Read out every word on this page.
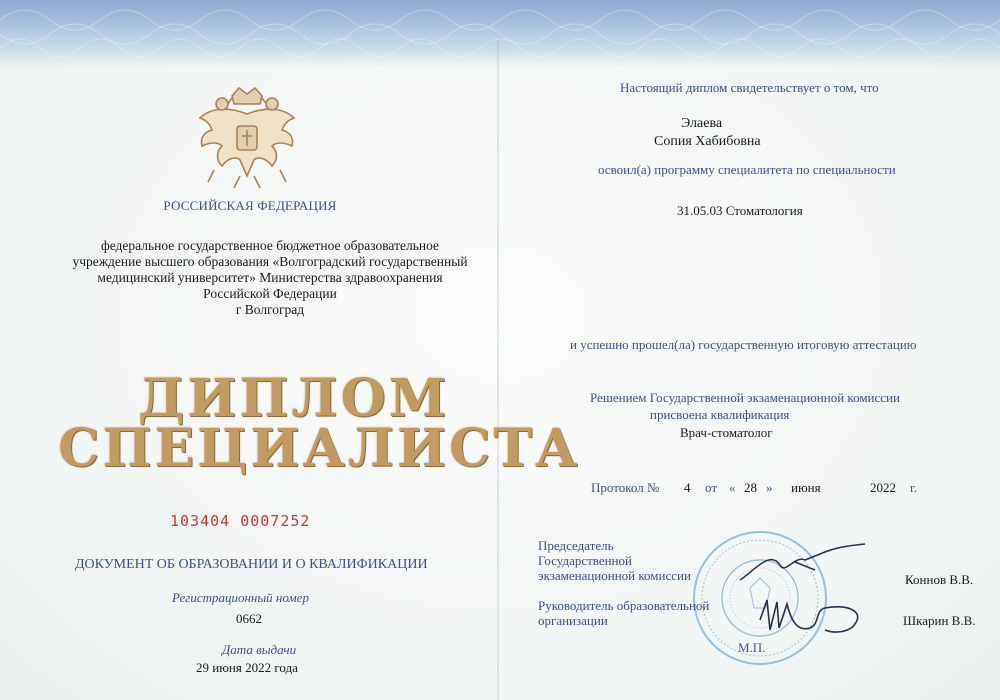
РОССИЙСКАЯ ФЕДЕРАЦИЯ
федеральное государственное бюджетное образовательное
учреждение высшего образования «Волгоградский государственный
медицинский университет» Министерства здравоохранения
Российской Федерации
г Волгоград
ДИПЛОМ
СПЕЦИАЛИСТА
103404 0007252
ДОКУМЕНТ ОБ ОБРАЗОВАНИИ И О КВАЛИФИКАЦИИ
Регистрационный номер
0662
Дата выдачи
29 июня 2022 года
Настоящий диплом свидетельствует о том, что
Элаева
Сопия Хабибовна
освоил(а) программу специалитета по специальности
31.05.03 Стоматология
и успешно прошел(ла) государственную итоговую аттестацию
Решением Государственной экзаменационной комиссии
присвоена квалификация
Врач-стоматолог
Протокол № 4 от « 28 » июня	2022 г.
Председатель
Государственной
экзаменационной комиссии	Коннов В.В.
Руководитель образовательной
организации	Шкарин В.В.
М.П.
